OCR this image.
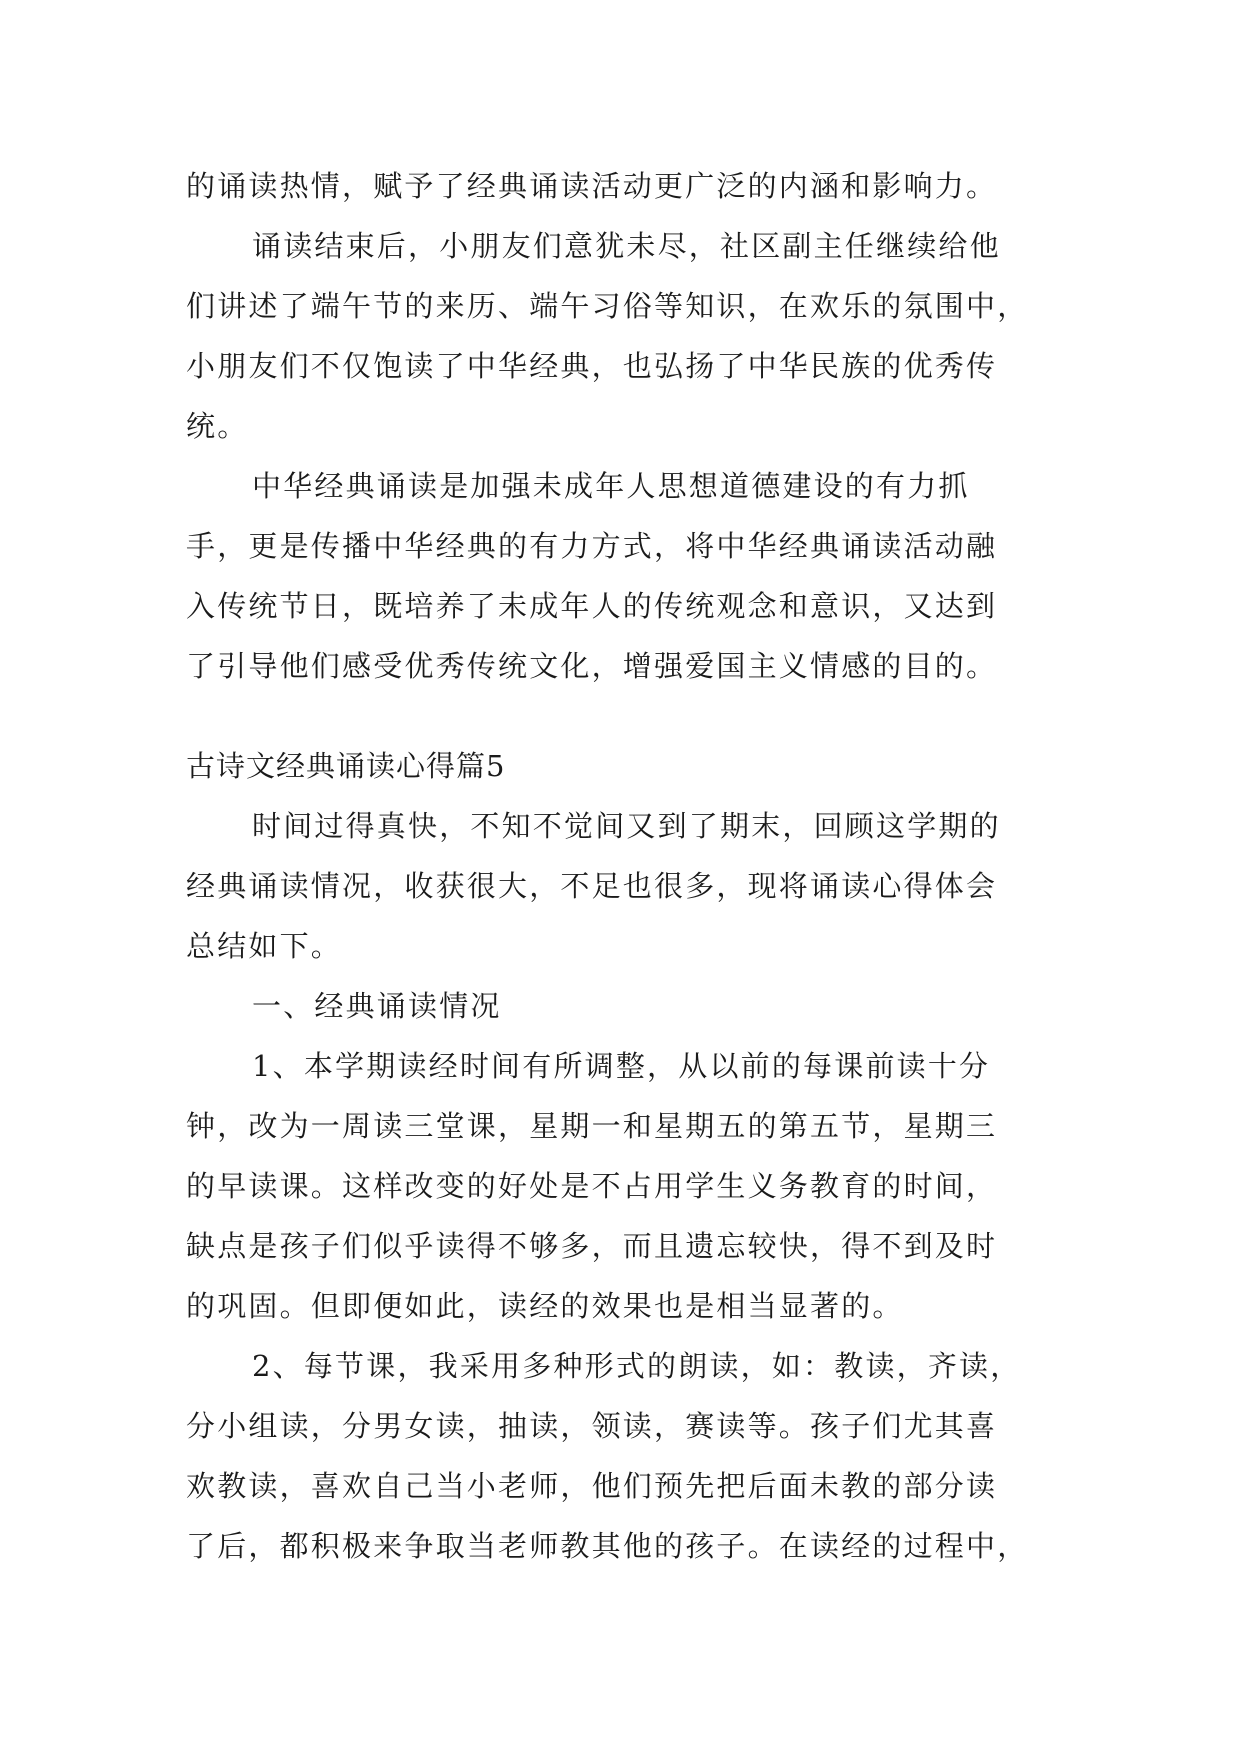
的诵读热情，赋予了经典诵读活动更广泛的内涵和影响力。
诵读结束后，小朋友们意犹未尽，社区副主任继续给他
们讲述了端午节的来历、端午习俗等知识，在欢乐的氛围中，
小朋友们不仅饱读了中华经典，也弘扬了中华民族的优秀传
统。
中华经典诵读是加强未成年人思想道德建设的有力抓
手，更是传播中华经典的有力方式，将中华经典诵读活动融
入传统节日，既培养了未成年人的传统观念和意识，又达到
了引导他们感受优秀传统文化，增强爱国主义情感的目的。
古诗文经典诵读心得篇5
时间过得真快，不知不觉间又到了期末，回顾这学期的
经典诵读情况，收获很大，不足也很多，现将诵读心得体会
总结如下。
一、经典诵读情况
1、本学期读经时间有所调整，从以前的每课前读十分
钟，改为一周读三堂课，星期一和星期五的第五节，星期三
的早读课。这样改变的好处是不占用学生义务教育的时间，
缺点是孩子们似乎读得不够多，而且遗忘较快，得不到及时
的巩固。但即便如此，读经的效果也是相当显著的。
2、每节课，我采用多种形式的朗读，如：教读，齐读，
分小组读，分男女读，抽读，领读，赛读等。孩子们尤其喜
欢教读，喜欢自己当小老师，他们预先把后面未教的部分读
了后，都积极来争取当老师教其他的孩子。在读经的过程中，
